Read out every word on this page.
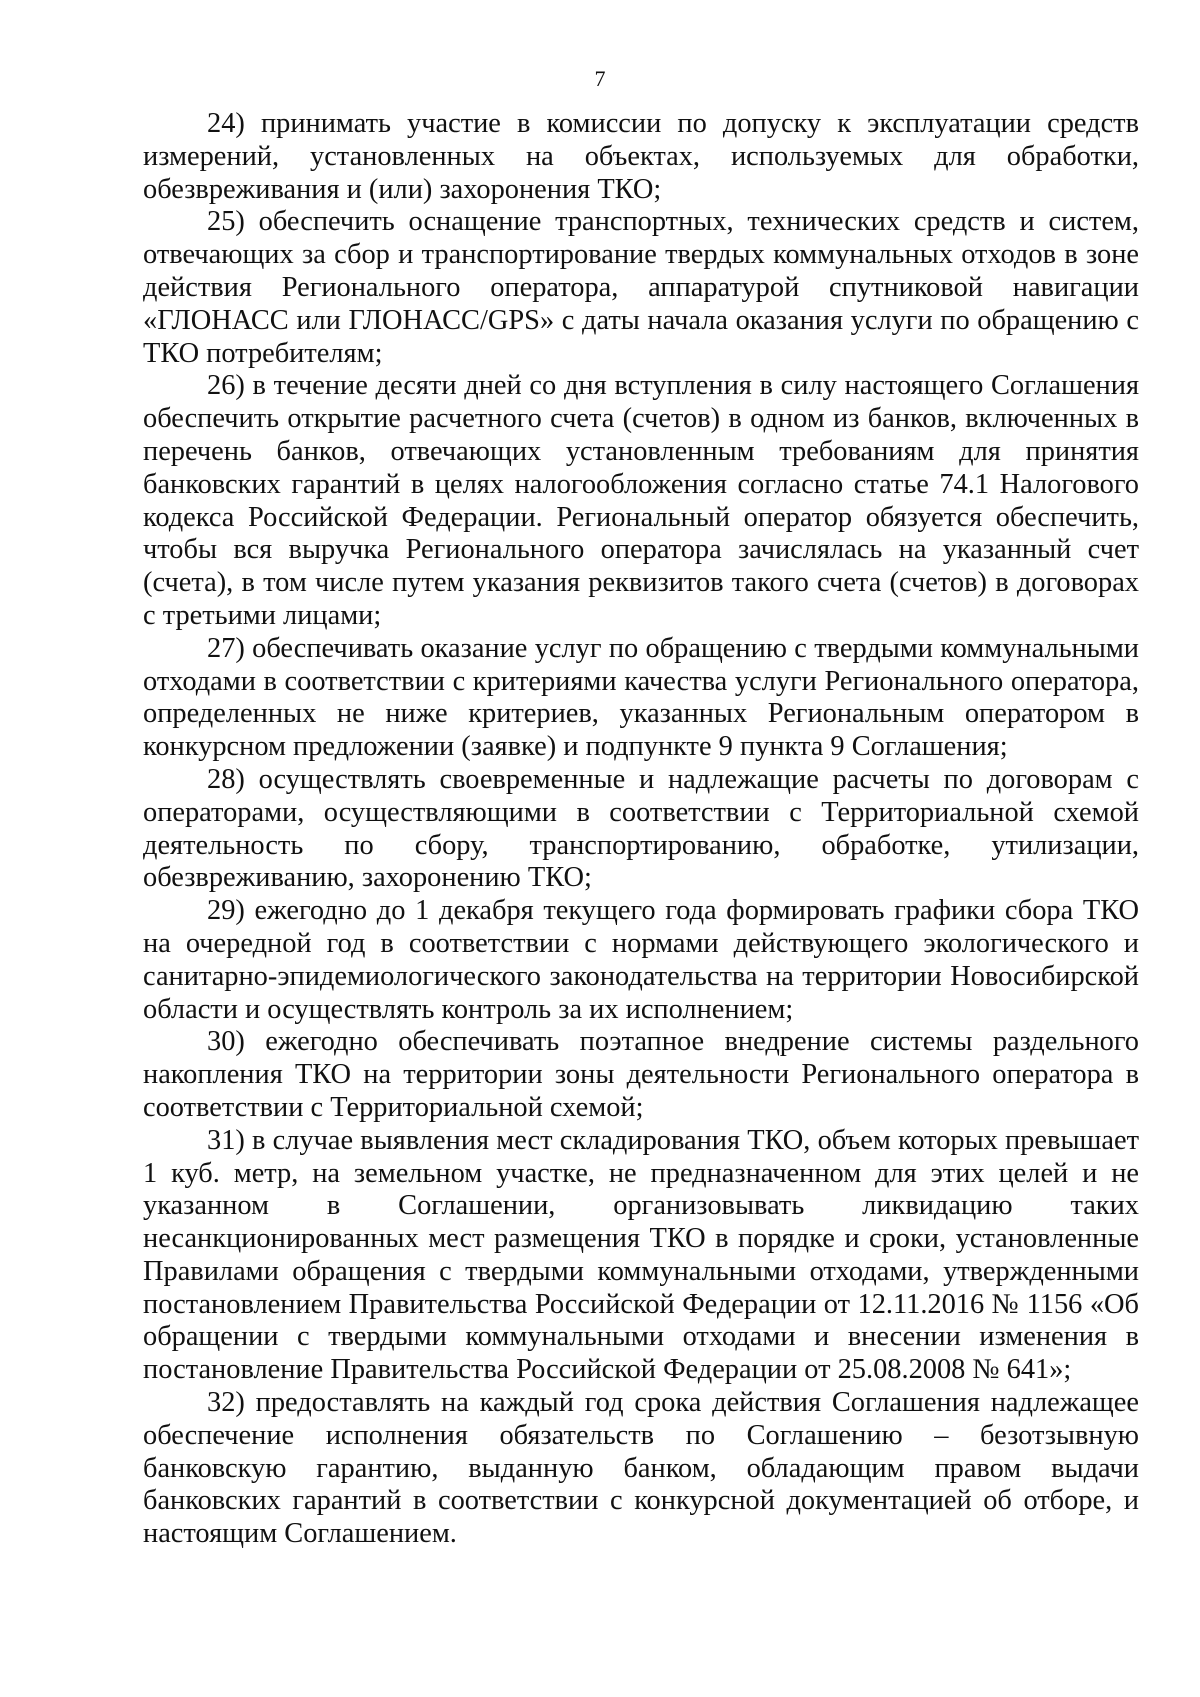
7

24) принимать участие в комиссии по допуску к эксплуатации средств измерений, установленных на объектах, используемых для обработки, обезвреживания и (или) захоронения ТКО;

25) обеспечить оснащение транспортных, технических средств и систем, отвечающих за сбор и транспортирование твердых коммунальных отходов в зоне действия Регионального оператора, аппаратурой спутниковой навигации «ГЛОНАСС или ГЛОНАСС/GPS» с даты начала оказания услуги по обращению с ТКО потребителям;

26) в течение десяти дней со дня вступления в силу настоящего Соглашения обеспечить открытие расчетного счета (счетов) в одном из банков, включенных в перечень банков, отвечающих установленным требованиям для принятия банковских гарантий в целях налогообложения согласно статье 74.1 Налогового кодекса Российской Федерации. Региональный оператор обязуется обеспечить, чтобы вся выручка Регионального оператора зачислялась на указанный счет (счета), в том числе путем указания реквизитов такого счета (счетов) в договорах с третьими лицами;

27) обеспечивать оказание услуг по обращению с твердыми коммунальными отходами в соответствии с критериями качества услуги Регионального оператора, определенных не ниже критериев, указанных Региональным оператором в конкурсном предложении (заявке) и подпункте 9 пункта 9 Соглашения;

28) осуществлять своевременные и надлежащие расчеты по договорам с операторами, осуществляющими в соответствии с Территориальной схемой деятельность по сбору, транспортированию, обработке, утилизации, обезвреживанию, захоронению ТКО;

29) ежегодно до 1 декабря текущего года формировать графики сбора ТКО на очередной год в соответствии с нормами действующего экологического и санитарно-эпидемиологического законодательства на территории Новосибирской области и осуществлять контроль за их исполнением;

30) ежегодно обеспечивать поэтапное внедрение системы раздельного накопления ТКО на территории зоны деятельности Регионального оператора в соответствии с Территориальной схемой;

31) в случае выявления мест складирования ТКО, объем которых превышает 1 куб. метр, на земельном участке, не предназначенном для этих целей и не указанном в Соглашении, организовывать ликвидацию таких несанкционированных мест размещения ТКО в порядке и сроки, установленные Правилами обращения с твердыми коммунальными отходами, утвержденными постановлением Правительства Российской Федерации от 12.11.2016 № 1156 «Об обращении с твердыми коммунальными отходами и внесении изменения в постановление Правительства Российской Федерации от 25.08.2008 № 641»;

32) предоставлять на каждый год срока действия Соглашения надлежащее обеспечение исполнения обязательств по Соглашению – безотзывную банковскую гарантию, выданную банком, обладающим правом выдачи банковских гарантий в соответствии с конкурсной документацией об отборе, и настоящим Соглашением.
